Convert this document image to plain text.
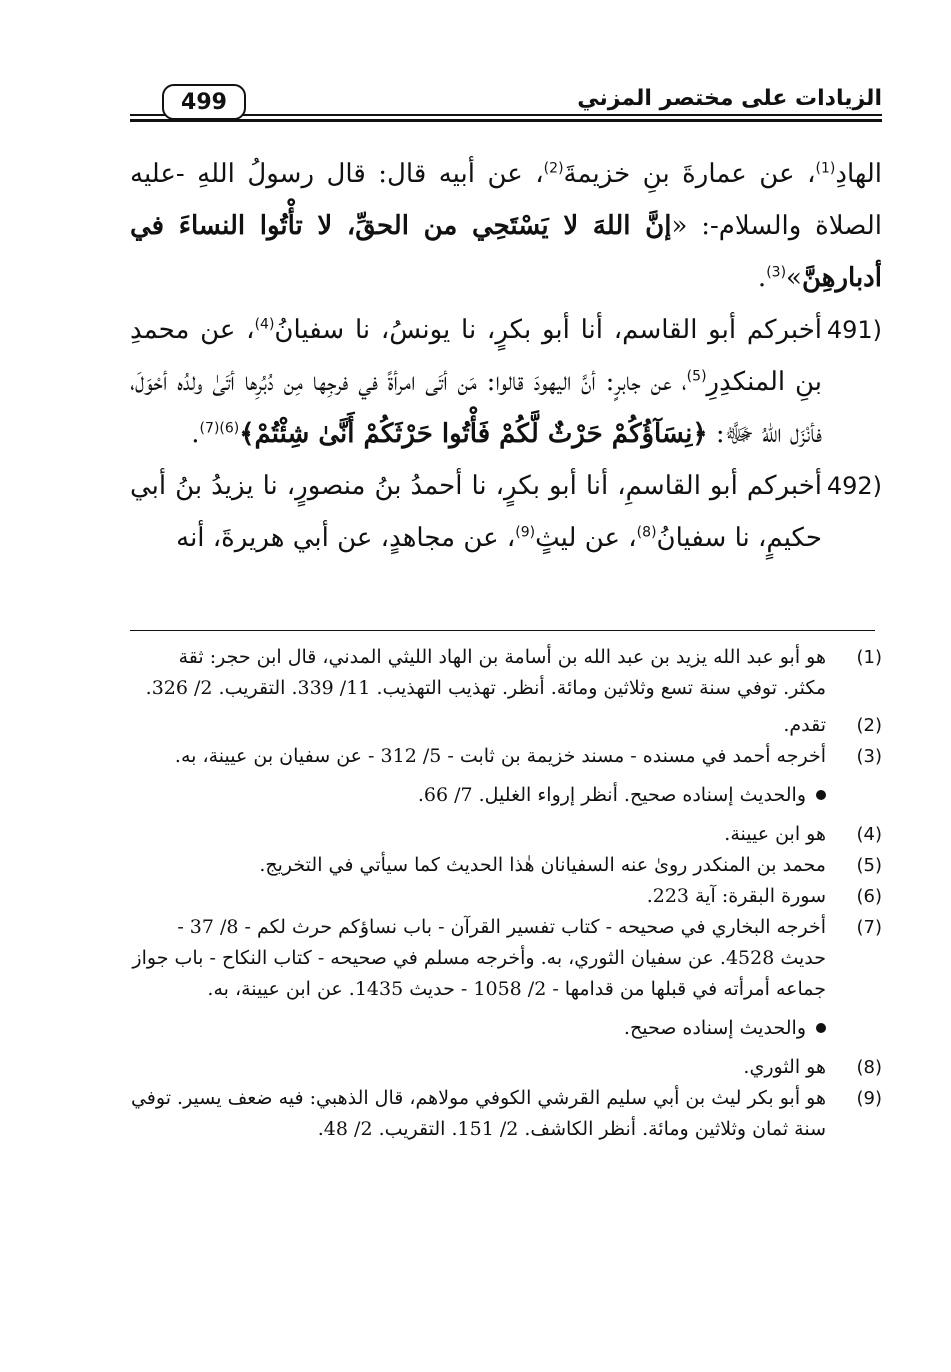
499	الزيادات على مختصر المزني

الهادِ$^{(1)}$، عن عمارةَ بنِ خزيمةَ$^{(2)}$، عن أبيه قال: قال رسولُ اللهِ -عليه الصلاة والسلام-: «إنَّ اللهَ لا يَسْتَحِي من الحقِّ، لا تأْتُوا النساءَ في أدبارهِنَّ»$^{(3)}$.

491)
أخبركم أبو القاسم، أنا أبو بكرٍ، نا يونسُ، نا سفيانُ$^{(4)}$، عن محمدِ بنِ المنكدِرِ$^{(5)}$، عن جابرٍ: أنَّ اليهودَ قالوا: مَن أتَى امرأةً في فرجِها مِن دُبُرِها أتَىٰ ولدُه أحْوَلَ، فأنْزَل اللهُ ﷻ: ﴿نِسَآؤُكُمْ حَرْثٌ لَّكُمْ فَأْتُوا حَرْثَكُمْ أَنَّىٰ شِئْتُمْ﴾$^{(6)(7)}$.

492)
أخبركم أبو القاسمِ، أنا أبو بكرٍ، نا أحمدُ بنُ منصورٍ، نا يزيدُ بنُ أبي حكيمٍ، نا سفيانُ$^{(8)}$، عن ليثٍ$^{(9)}$، عن مجاهدٍ، عن أبي هريرةَ، أنه

(1)
هو أبو عبد الله يزيد بن عبد الله بن أسامة بن الهاد الليثي المدني، قال ابن حجر: ثقة مكثر. توفي سنة تسع وثلاثين ومائة. أنظر. تهذيب التهذيب. 11/ 339. التقريب. 2/ 326.
(2)
تقدم.
(3)
أخرجه أحمد في مسنده - مسند خزيمة بن ثابت - 5/ 312 - عن سفيان بن عيينة، به.
والحديث إسناده صحيح. أنظر إرواء الغليل. 7/ 66.
(4)
هو ابن عيينة.
(5)
محمد بن المنكدر روىٰ عنه السفيانان هٰذا الحديث كما سيأتي في التخريج.
(6)
سورة البقرة: آية 223.
(7)
أخرجه البخاري في صحيحه - كتاب تفسير القرآن - باب نساؤكم حرث لكم - 8/ 37 - حديث 4528. عن سفيان الثوري، به. وأخرجه مسلم في صحيحه - كتاب النكاح - باب جواز جماعه أمرأته في قبلها من قدامها - 2/ 1058 - حديث 1435. عن ابن عيينة، به.
والحديث إسناده صحيح.
(8)
هو الثوري.
(9)
هو أبو بكر ليث بن أبي سليم القرشي الكوفي مولاهم، قال الذهبي: فيه ضعف يسير. توفي سنة ثمان وثلاثين ومائة. أنظر الكاشف. 2/ 151. التقريب. 2/ 48.
